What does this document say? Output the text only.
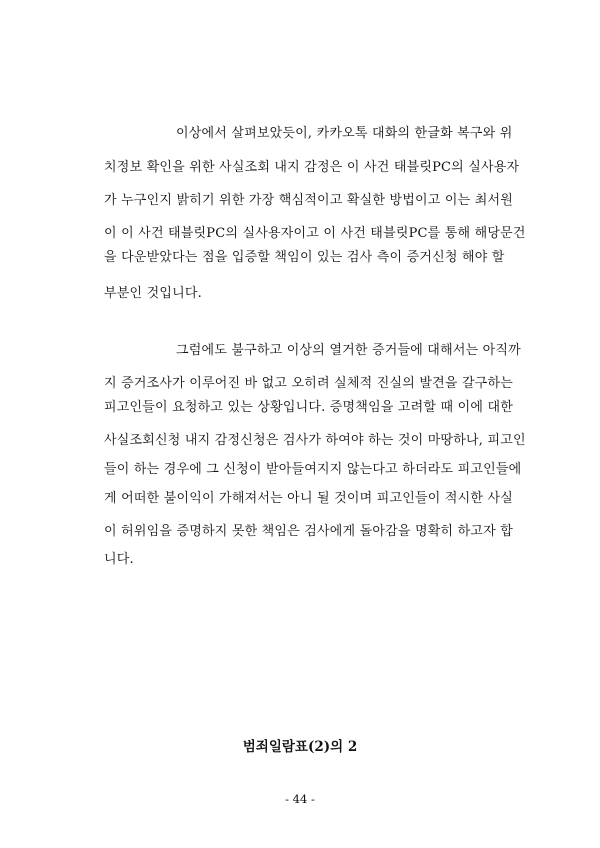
이상에서 살펴보았듯이, 카카오톡 대화의 한글화 복구와 위
치정보 확인을 위한 사실조회 내지 감정은 이 사건 태블릿PC의 실사용자
가 누구인지 밝히기 위한 가장 핵심적이고 확실한 방법이고 이는 최서원
이 이 사건 태블릿PC의 실사용자이고 이 사건 태블릿PC를 통해 해당문건
을 다운받았다는 점을 입증할 책임이 있는 검사 측이 증거신청 해야 할
부분인 것입니다.
그럼에도 불구하고 이상의 열거한 증거들에 대해서는 아직까
지 증거조사가 이루어진 바 없고 오히려 실체적 진실의 발견을 갈구하는
피고인들이 요청하고 있는 상황입니다. 증명책임을 고려할 때 이에 대한
사실조회신청 내지 감정신청은 검사가 하여야 하는 것이 마땅하나, 피고인
들이 하는 경우에 그 신청이 받아들여지지 않는다고 하더라도 피고인들에
게 어떠한 불이익이 가해져서는 아니 될 것이며 피고인들이 적시한 사실
이 허위임을 증명하지 못한 책임은 검사에게 돌아감을 명확히 하고자 합
니다.
범죄일람표(2)의 2
- 44 -
